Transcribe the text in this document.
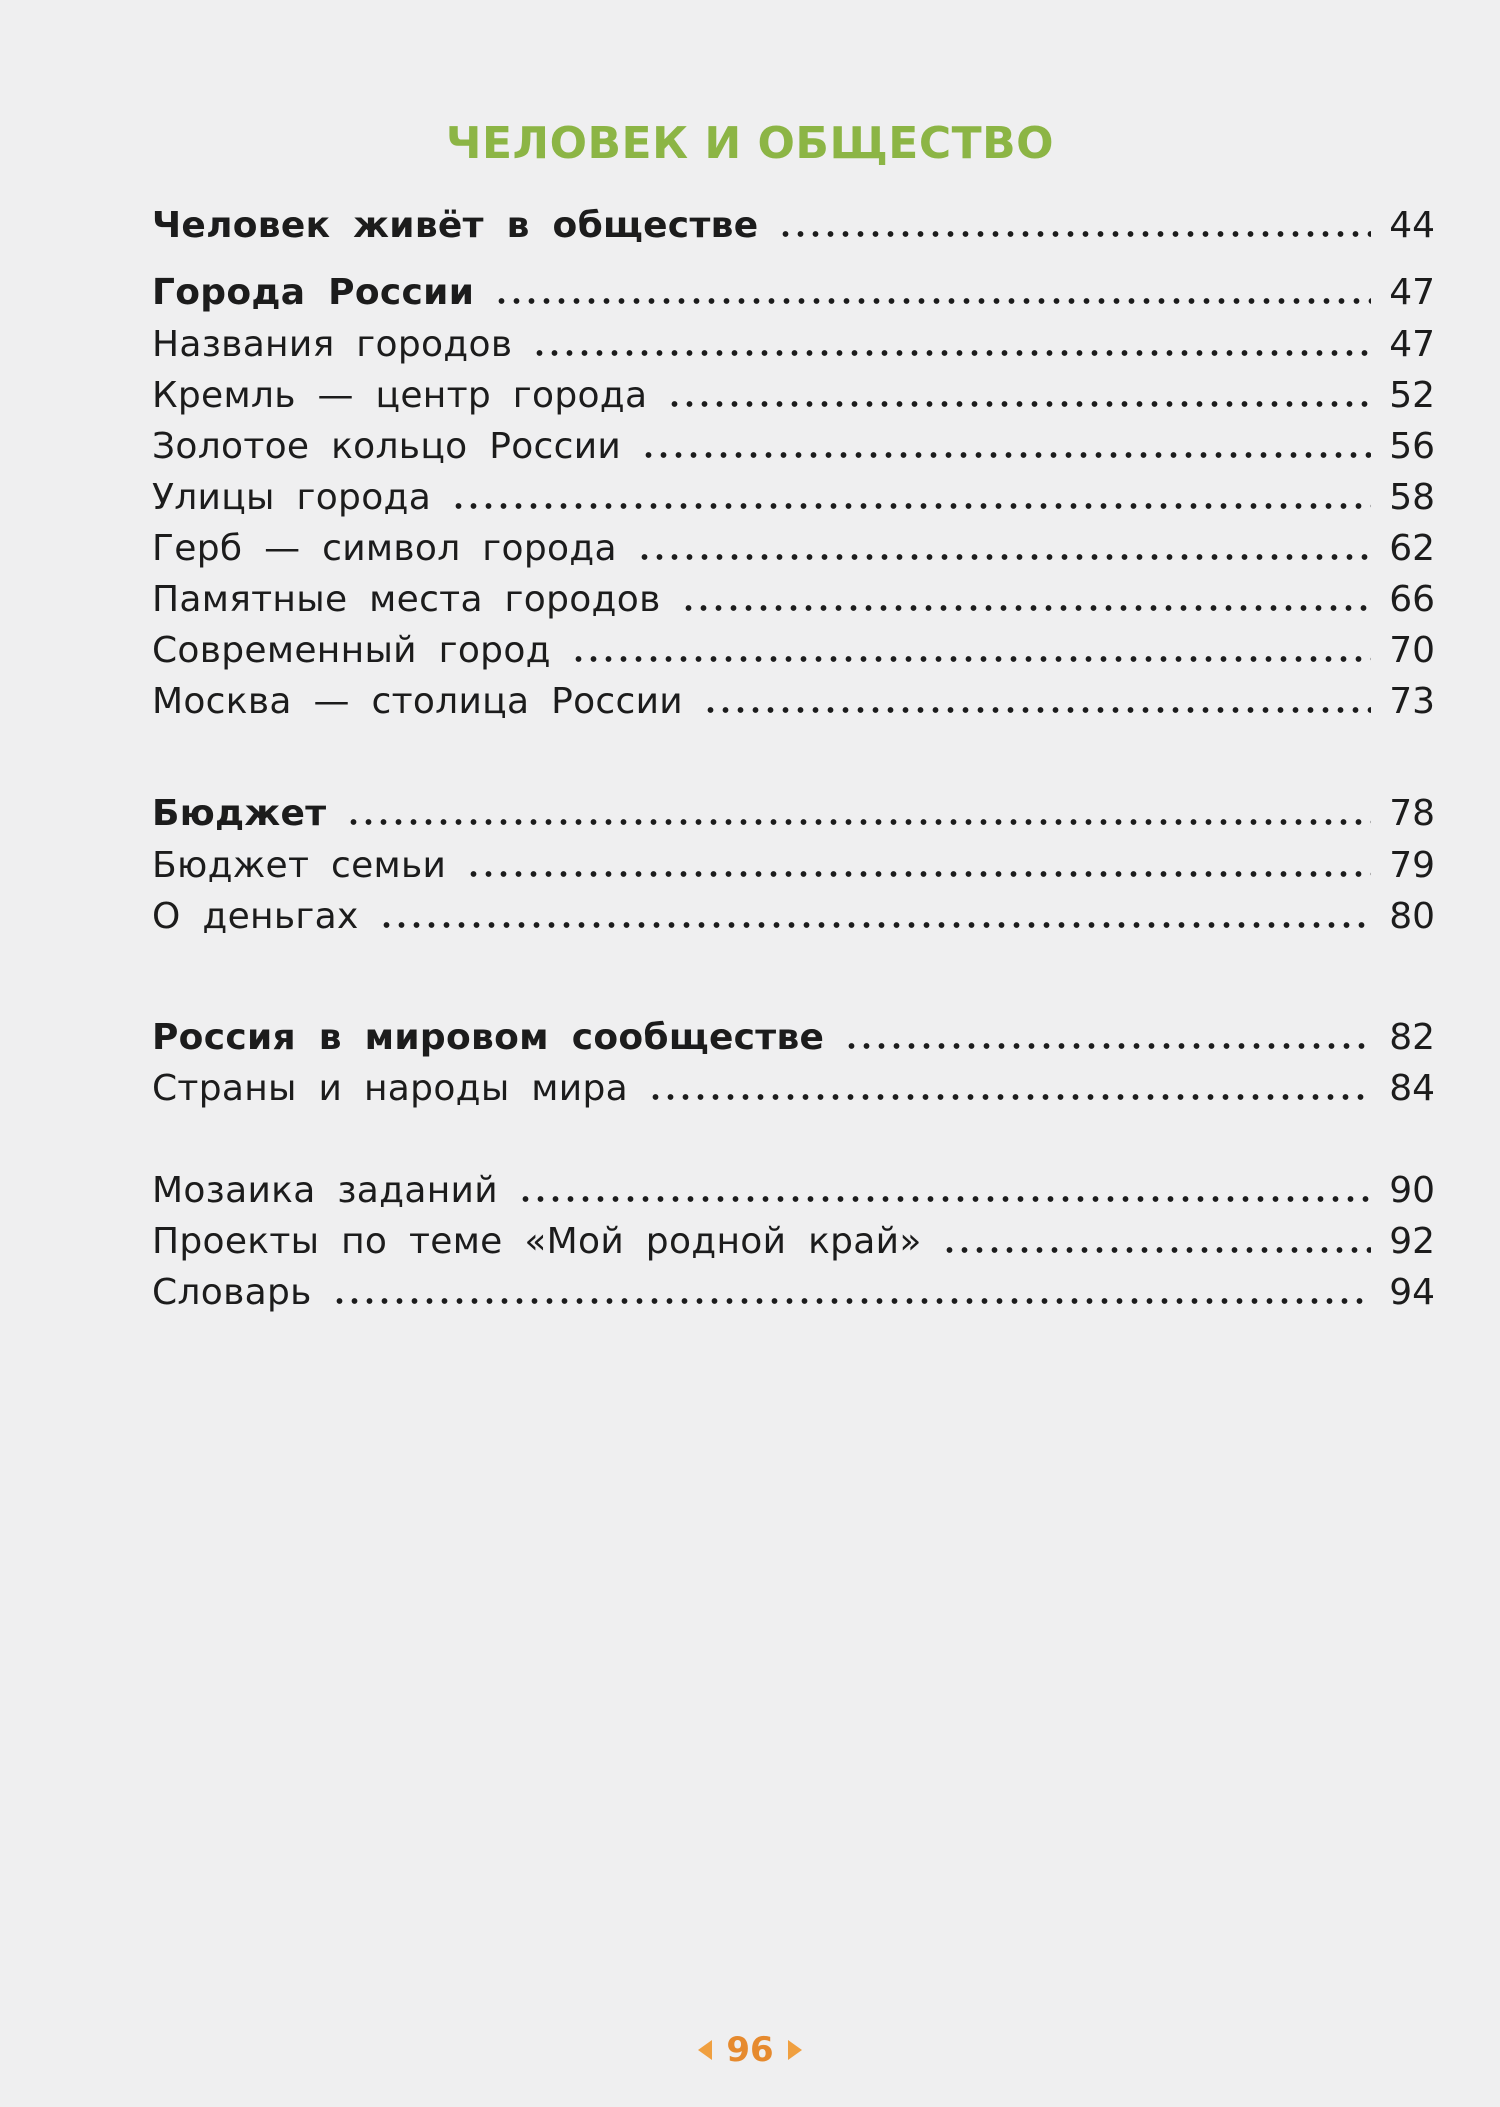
ЧЕЛОВЕК И ОБЩЕСТВО
Человек живёт в обществе	44
Города России	47
Названия городов	47
Кремль — центр города	52
Золотое кольцо России	56
Улицы города	58
Герб — символ города	62
Памятные места городов	66
Современный город	70
Москва — столица России	73
Бюджет	78
Бюджет семьи	79
О деньгах	80
Россия в мировом сообществе	82
Страны и народы мира	84
Мозаика заданий	90
Проекты по теме «Мой родной край»	92
Словарь	94
96
